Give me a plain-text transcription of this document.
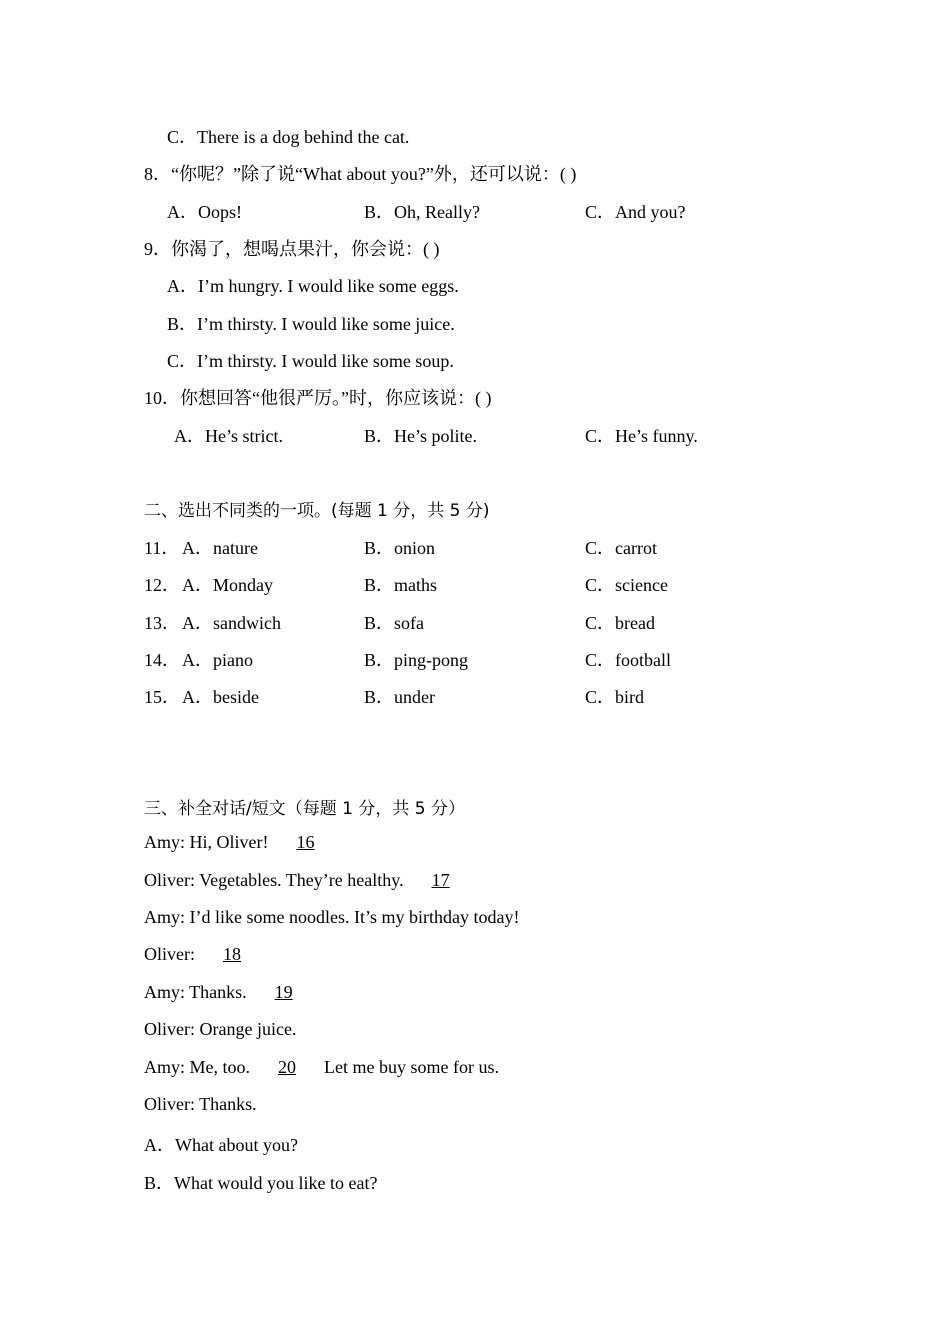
C．There is a dog behind the cat.
8．“你呢？”除了说“What about you?”外，还可以说：( )
A．Oops!	B．Oh, Really?	C．And you?
9．你渴了，想喝点果汁，你会说：( )
A．I’m hungry. I would like some eggs.
B．I’m thirsty. I would like some juice.
C．I’m thirsty. I would like some soup.
10．你想回答“他很严厉。”时，你应该说：( )
A．He’s strict.	B．He’s polite.	C．He’s funny.
二、选出不同类的一项。(每题 1 分，共 5 分)
11． A．nature	B．onion	C．carrot
12． A．Monday	B．maths	C．science
13． A．sandwich	B．sofa	C．bread
14． A．piano	B．ping-pong	C．football
15． A．beside	B．under	C．bird
三、补全对话/短文（每题 1 分，共 5 分）
Amy: Hi, Oliver!  16
Oliver: Vegetables. They’re healthy.  17
Amy: I’d like some noodles. It’s my birthday today!
Oliver:  18
Amy: Thanks.  19
Oliver: Orange juice.
Amy: Me, too.  20  Let me buy some for us.
Oliver: Thanks.
A．What about you?
B．What would you like to eat?
